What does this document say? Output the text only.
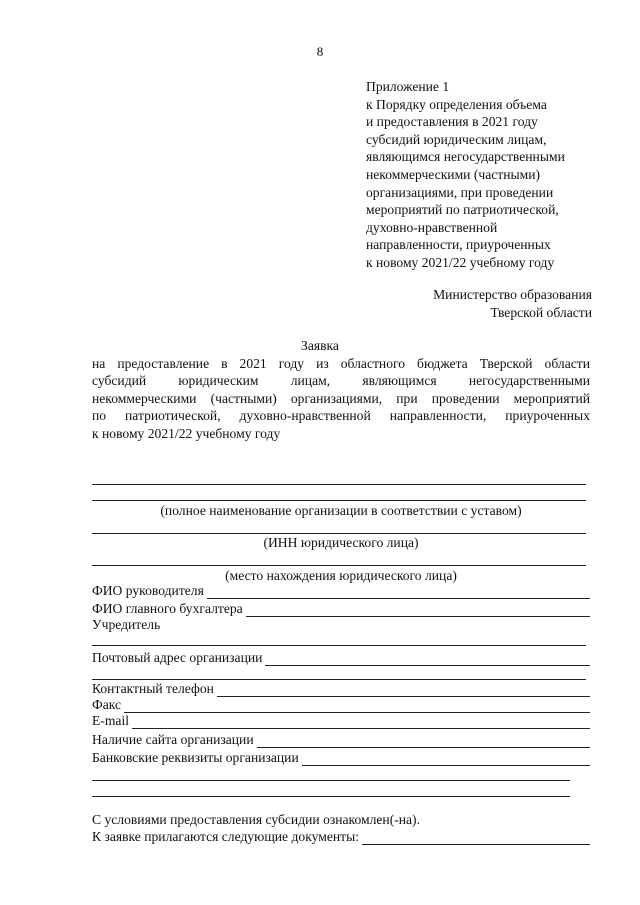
8
Приложение 1
к Порядку определения объема
и предоставления в 2021 году
субсидий юридическим лицам,
являющимся негосударственными
некоммерческими (частными)
организациями, при проведении
мероприятий по патриотической,
духовно-нравственной
направленности, приуроченных
к новому 2021/22 учебному году
Министерство образования
Тверской области
Заявка
на предоставление в 2021 году из областного бюджета Тверской области
субсидий юридическим лицам, являющимся негосударственными
некоммерческими (частными) организациями, при проведении мероприятий
по патриотической, духовно-нравственной направленности, приуроченных
к новому 2021/22 учебному году
(полное наименование организации в соответствии с уставом)
(ИНН юридического лица)
(место нахождения юридического лица)
ФИО руководителя
ФИО главного бухгалтера
Учредитель
Почтовый адрес организации
Контактный телефон
Факс
E-mail
Наличие сайта организации
Банковские реквизиты организации
С условиями предоставления субсидии ознакомлен(-на).
К заявке прилагаются следующие документы:
